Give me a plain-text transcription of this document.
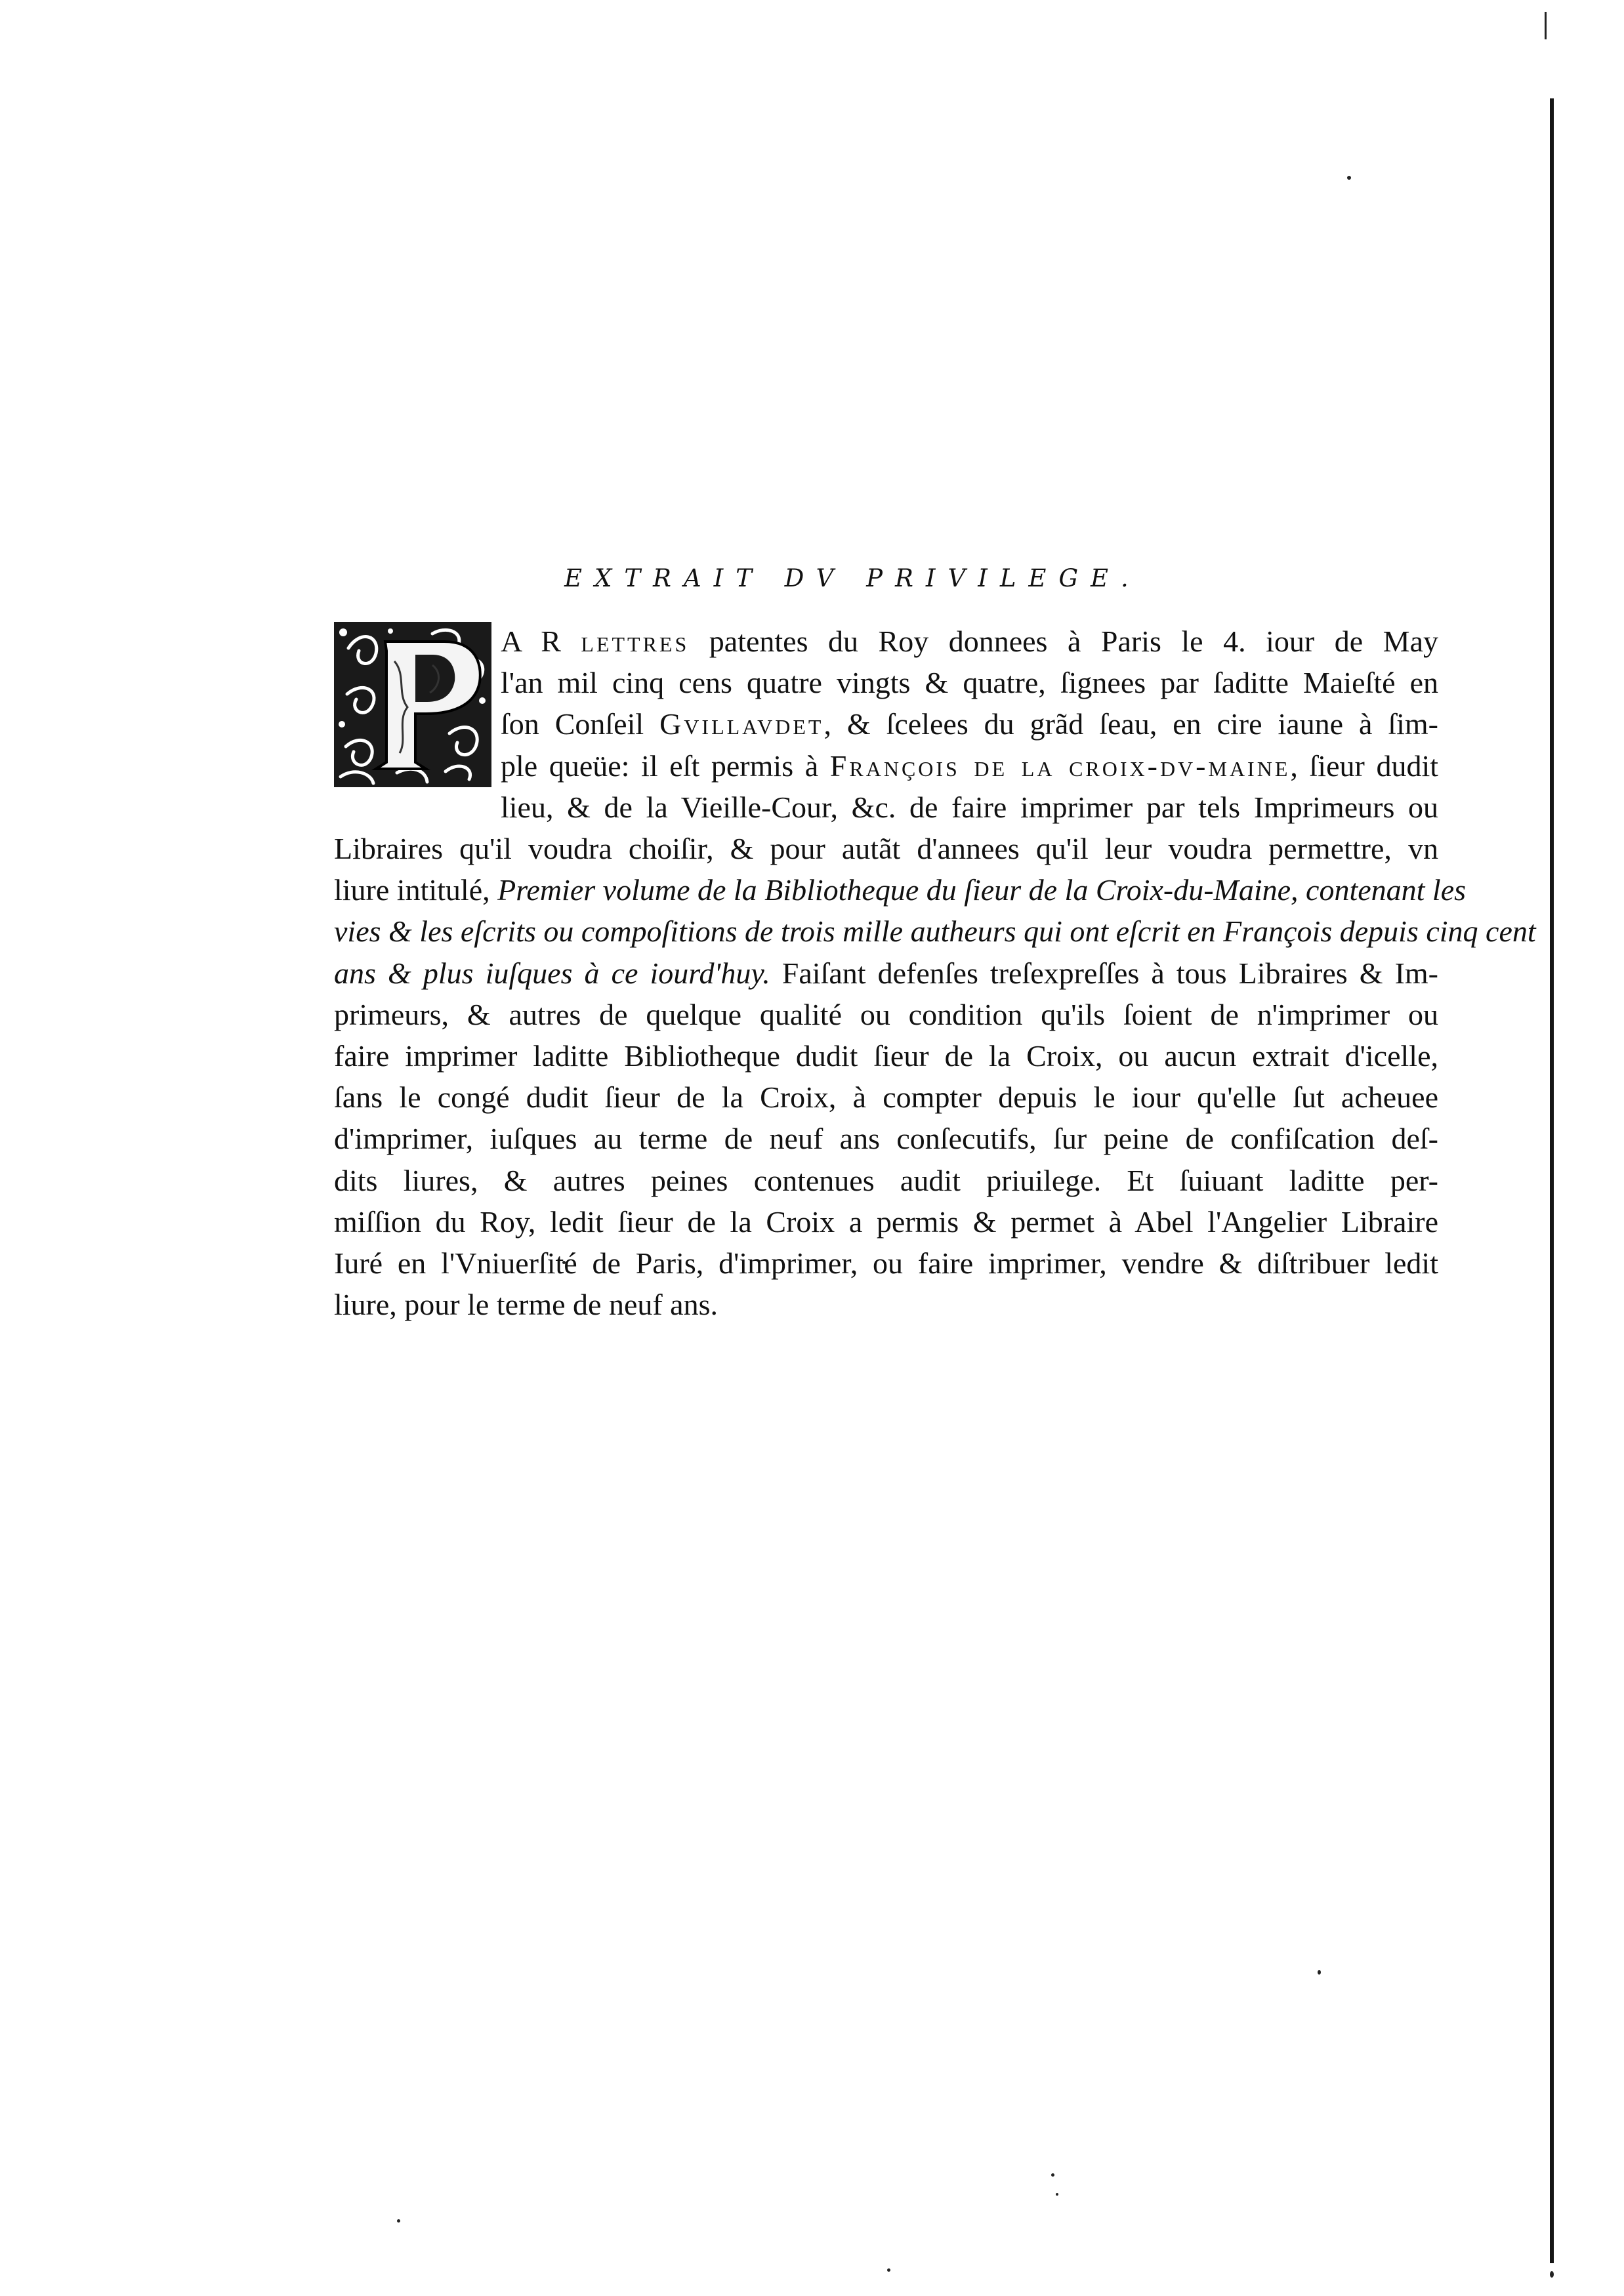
EXTRAIT DV PRIVILEGE.
A R lettres patentes du Roy donnees à Paris le 4. iour de May
l'an mil cinq cens quatre vingts & quatre, ſignees par ſaditte Maieſté en
ſon Conſeil Gvillavdet, & ſcelees du grãd ſeau, en cire iaune à ſim-
ple queüe: il eſt permis à François de la croix-dv-maine, ſieur dudit
lieu, & de la Vieille-Cour, &c. de faire imprimer par tels Imprimeurs ou
Libraires qu'il voudra choiſir, & pour autãt d'annees qu'il leur voudra permettre, vn
liure intitulé, Premier volume de la Bibliotheque du ſieur de la Croix-du-Maine, contenant les
vies & les eſcrits ou compoſitions de trois mille autheurs qui ont eſcrit en François depuis cinq cent
ans & plus iuſques à ce iourd'huy. Faiſant defenſes treſexpreſſes à tous Libraires & Im-
primeurs, & autres de quelque qualité ou condition qu'ils ſoient de n'imprimer ou
faire imprimer laditte Bibliotheque dudit ſieur de la Croix, ou aucun extrait d'icelle,
ſans le congé dudit ſieur de la Croix, à compter depuis le iour qu'elle ſut acheuee
d'imprimer, iuſques au terme de neuf ans conſecutifs, ſur peine de confiſcation deſ-
dits liures, & autres peines contenues audit priuilege. Et ſuiuant laditte per-
miſſion du Roy, ledit ſieur de la Croix a permis & permet à Abel l'Angelier Libraire
Iuré en l'Vniuerſité de Paris, d'imprimer, ou faire imprimer, vendre & diſtribuer ledit
liure, pour le terme de neuf ans.
